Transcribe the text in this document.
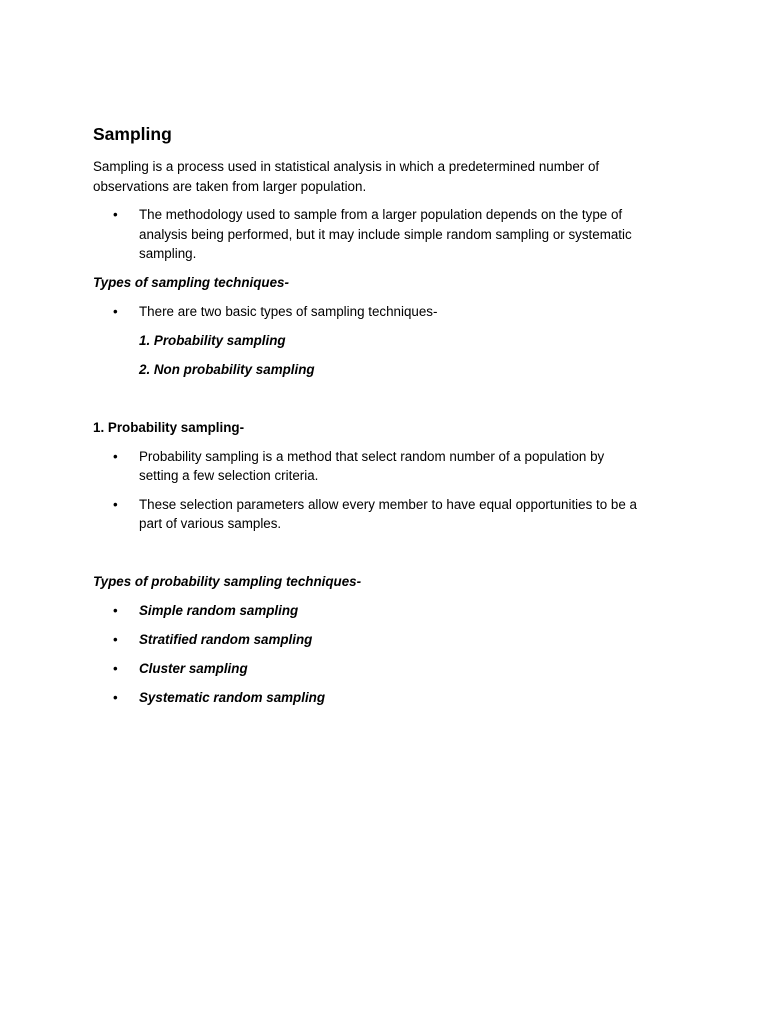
Sampling

Sampling is a process used in statistical analysis in which a predetermined number of

observations are taken from larger population.

•	The methodology used to sample from a larger population depends on the type of
analysis being performed, but it may include simple random sampling or systematic
sampling.

Types of sampling techniques-

•	There are two basic types of sampling techniques-

1. Probability sampling

2. Non probability sampling

1. Probability sampling-

•	Probability sampling is a method that select random number of a population by
setting a few selection criteria.
•	These selection parameters allow every member to have equal opportunities to be a
part of various samples.

Types of probability sampling techniques-

•	Simple random sampling
•	Stratified random sampling
•	Cluster sampling
•	Systematic random sampling
